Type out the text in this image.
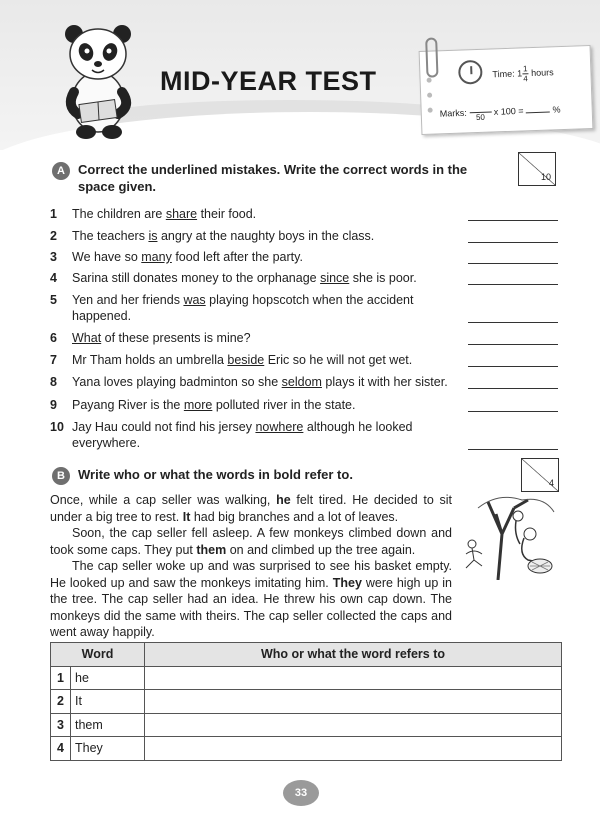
MID-YEAR TEST	Time: $1 \frac{1}{4}$ hours
Marks: 50 x 100 =	%
A	Correct the underlined mistakes. Write the correct words in the space given.
10
1	The children are share their food.
2	The teachers is angry at the naughty boys in the class.
3	We have so many food left after the party.
4	Sarina still donates money to the orphanage since she is poor.
5	Yen and her friends was playing hopscotch when the accident happened.
6	What of these presents is mine?
7	Mr Tham holds an umbrella beside Eric so he will not get wet.
8	Yana loves playing badminton so she seldom plays it with her sister.
9	Payang River is the more polluted river in the state.
10 Jay Hau could not find his jersey nowhere although he looked everywhere.
B	Write who or what the words in bold refer to.
4

Once, while a cap seller was walking, he felt tired. He decided to sit under a big tree to rest. It had big branches and a lot of leaves.

Soon, the cap seller fell asleep. A few monkeys climbed down and took some caps. They put them on and climbed up the tree again.

The cap seller woke up and was surprised to see his basket empty. He looked up and saw the monkeys imitating him. They were high up in the tree. The cap seller had an idea. He threw his own cap down. The monkeys did the same with theirs. The cap seller collected the caps and went away happily.

Word		Who or what the word refers to
1	he	
2	It	
3	them	
4	They	
33
